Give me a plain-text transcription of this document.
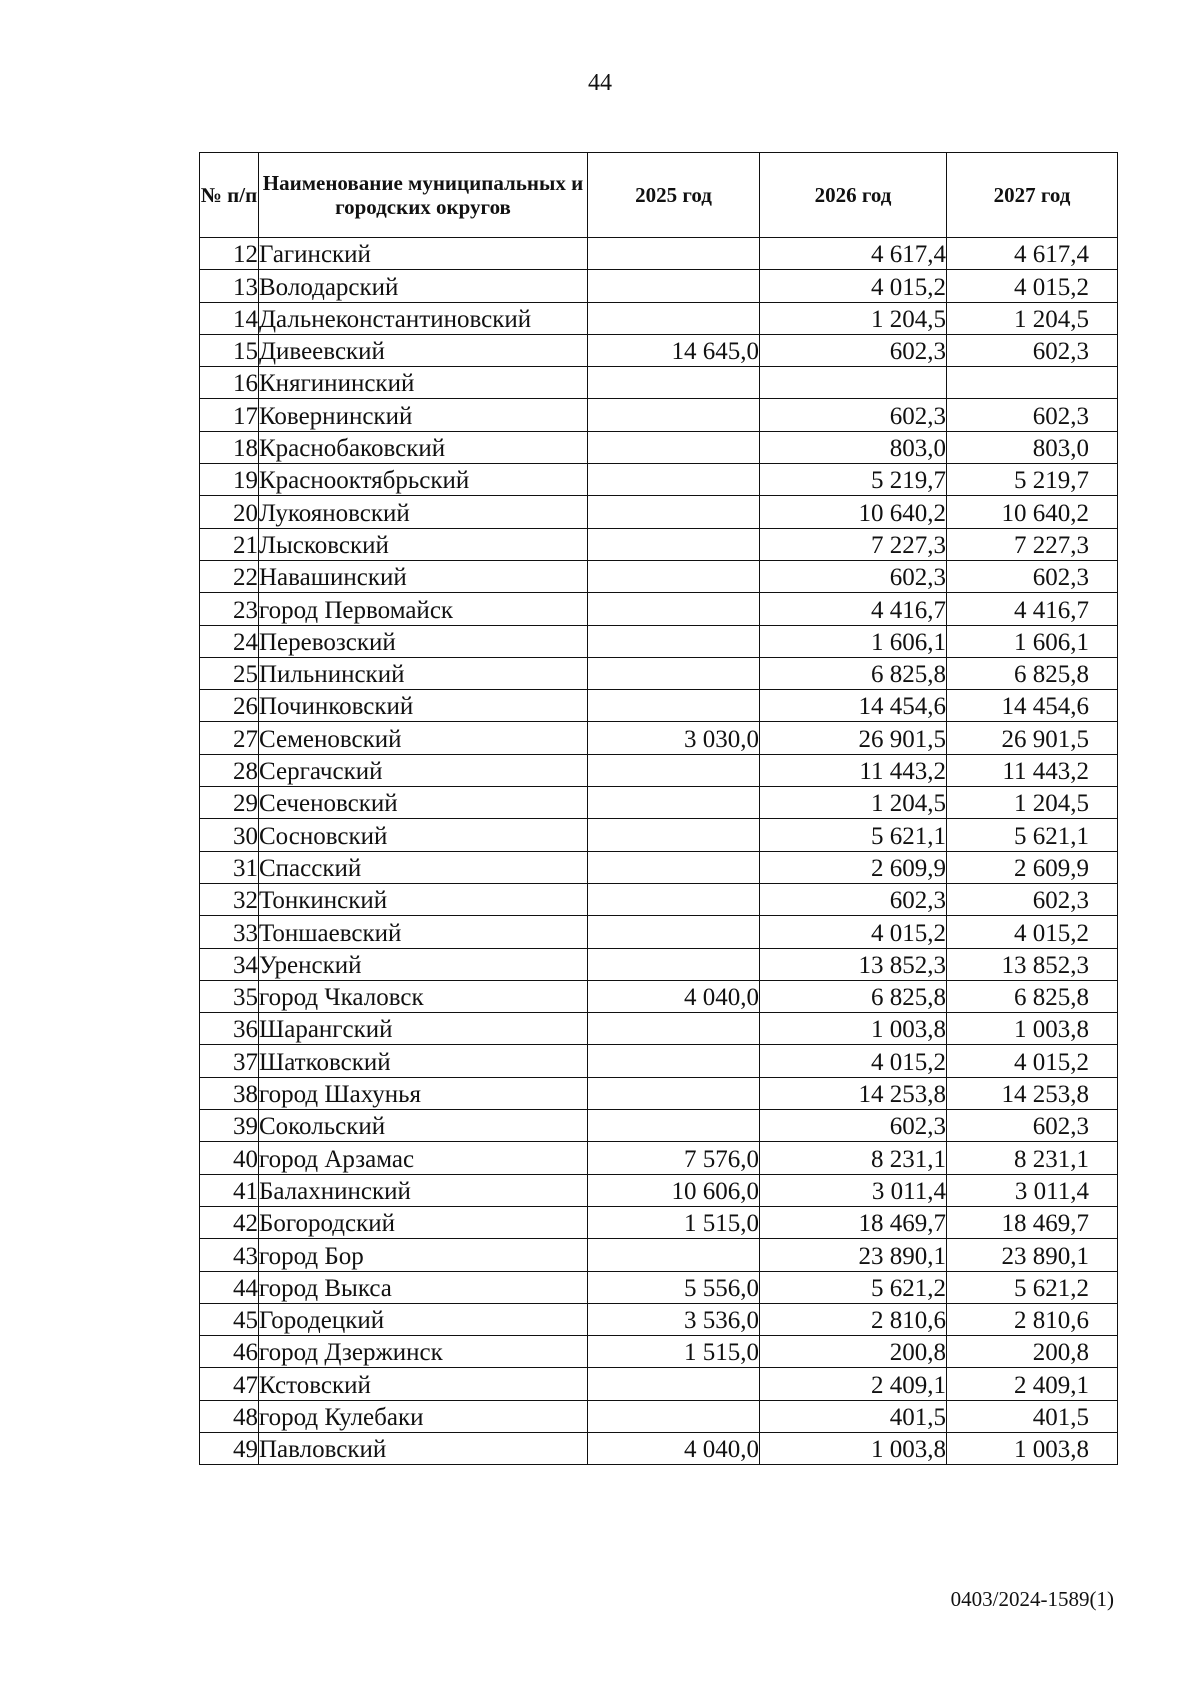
44
№ п/п	Наименование муниципальных и городских округов	2025 год	2026 год	2027 год
12	Гагинский		4 617,4	4 617,4
13	Володарский		4 015,2	4 015,2
14	Дальнеконстантиновский		1 204,5	1 204,5
15	Дивеевский	14 645,0	602,3	602,3
16	Княгининский			
17	Ковернинский		602,3	602,3
18	Краснобаковский		803,0	803,0
19	Краснооктябрьский		5 219,7	5 219,7
20	Лукояновский		10 640,2	10 640,2
21	Лысковский		7 227,3	7 227,3
22	Навашинский		602,3	602,3
23	город Первомайск		4 416,7	4 416,7
24	Перевозский		1 606,1	1 606,1
25	Пильнинский		6 825,8	6 825,8
26	Починковский		14 454,6	14 454,6
27	Семеновский	3 030,0	26 901,5	26 901,5
28	Сергачский		11 443,2	11 443,2
29	Сеченовский		1 204,5	1 204,5
30	Сосновский		5 621,1	5 621,1
31	Спасский		2 609,9	2 609,9
32	Тонкинский		602,3	602,3
33	Тоншаевский		4 015,2	4 015,2
34	Уренский		13 852,3	13 852,3
35	город Чкаловск	4 040,0	6 825,8	6 825,8
36	Шарангский		1 003,8	1 003,8
37	Шатковский		4 015,2	4 015,2
38	город Шахунья		14 253,8	14 253,8
39	Сокольский		602,3	602,3
40	город Арзамас	7 576,0	8 231,1	8 231,1
41	Балахнинский	10 606,0	3 011,4	3 011,4
42	Богородский	1 515,0	18 469,7	18 469,7
43	город Бор		23 890,1	23 890,1
44	город Выкса	5 556,0	5 621,2	5 621,2
45	Городецкий	3 536,0	2 810,6	2 810,6
46	город Дзержинск	1 515,0	200,8	200,8
47	Кстовский		2 409,1	2 409,1
48	город Кулебаки		401,5	401,5
49	Павловский	4 040,0	1 003,8	1 003,8
0403/2024-1589(1)
